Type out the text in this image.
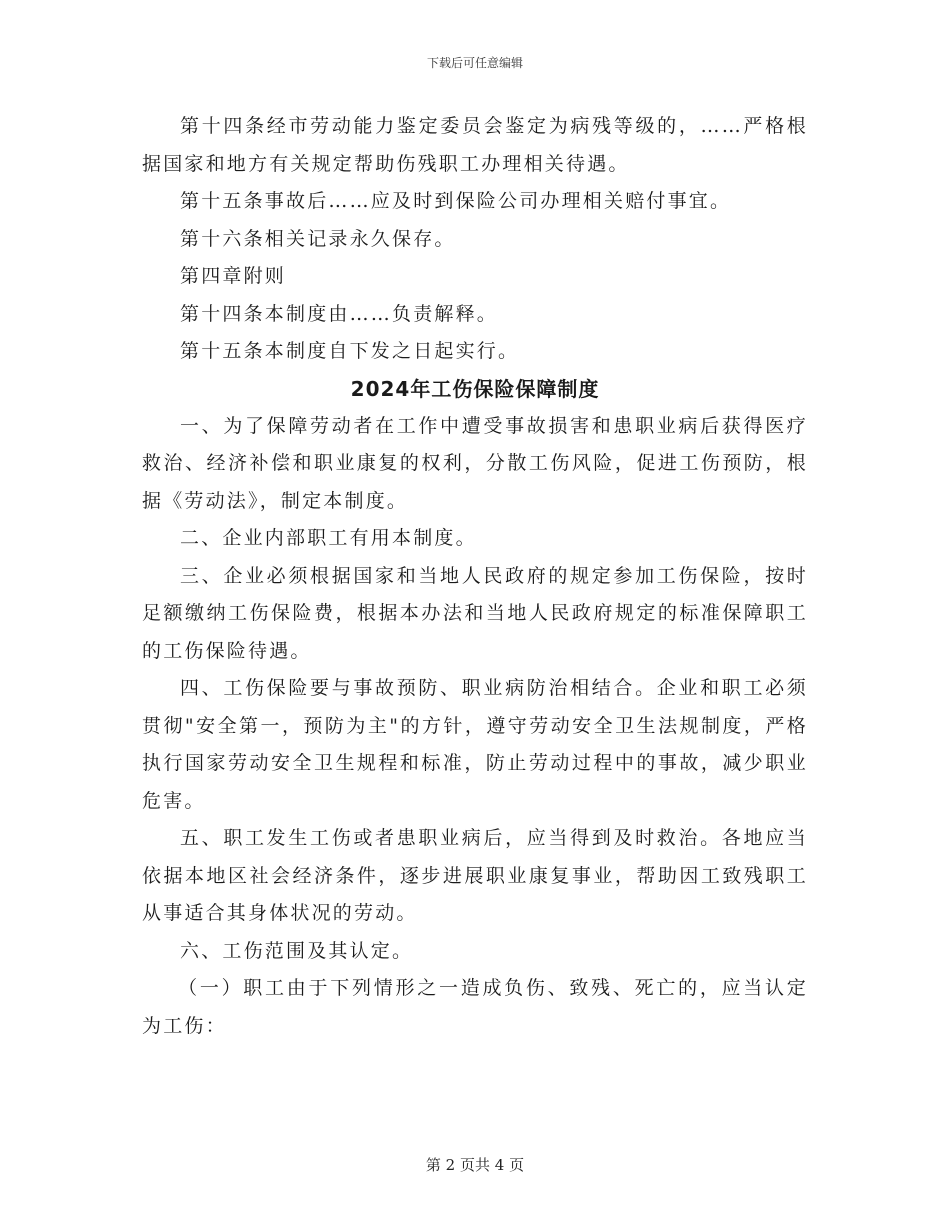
下载后可任意编辑

第十四条经市劳动能力鉴定委员会鉴定为病残等级的，……严格根据国家和地方有关规定帮助伤残职工办理相关待遇。

第十五条事故后……应及时到保险公司办理相关赔付事宜。

第十六条相关记录永久保存。

第四章附则

第十四条本制度由……负责解释。

第十五条本制度自下发之日起实行。

2024年工伤保险保障制度

一、为了保障劳动者在工作中遭受事故损害和患职业病后获得医疗救治、经济补偿和职业康复的权利，分散工伤风险，促进工伤预防，根据《劳动法》，制定本制度。

二、企业内部职工有用本制度。

三、企业必须根据国家和当地人民政府的规定参加工伤保险，按时足额缴纳工伤保险费，根据本办法和当地人民政府规定的标准保障职工的工伤保险待遇。

四、工伤保险要与事故预防、职业病防治相结合。企业和职工必须贯彻"安全第一，预防为主"的方针，遵守劳动安全卫生法规制度，严格执行国家劳动安全卫生规程和标准，防止劳动过程中的事故，减少职业危害。

五、职工发生工伤或者患职业病后，应当得到及时救治。各地应当依据本地区社会经济条件，逐步进展职业康复事业，帮助因工致残职工从事适合其身体状况的劳动。

六、工伤范围及其认定。

（一）职工由于下列情形之一造成负伤、致残、死亡的，应当认定为工伤：

第 2 页共 4 页
